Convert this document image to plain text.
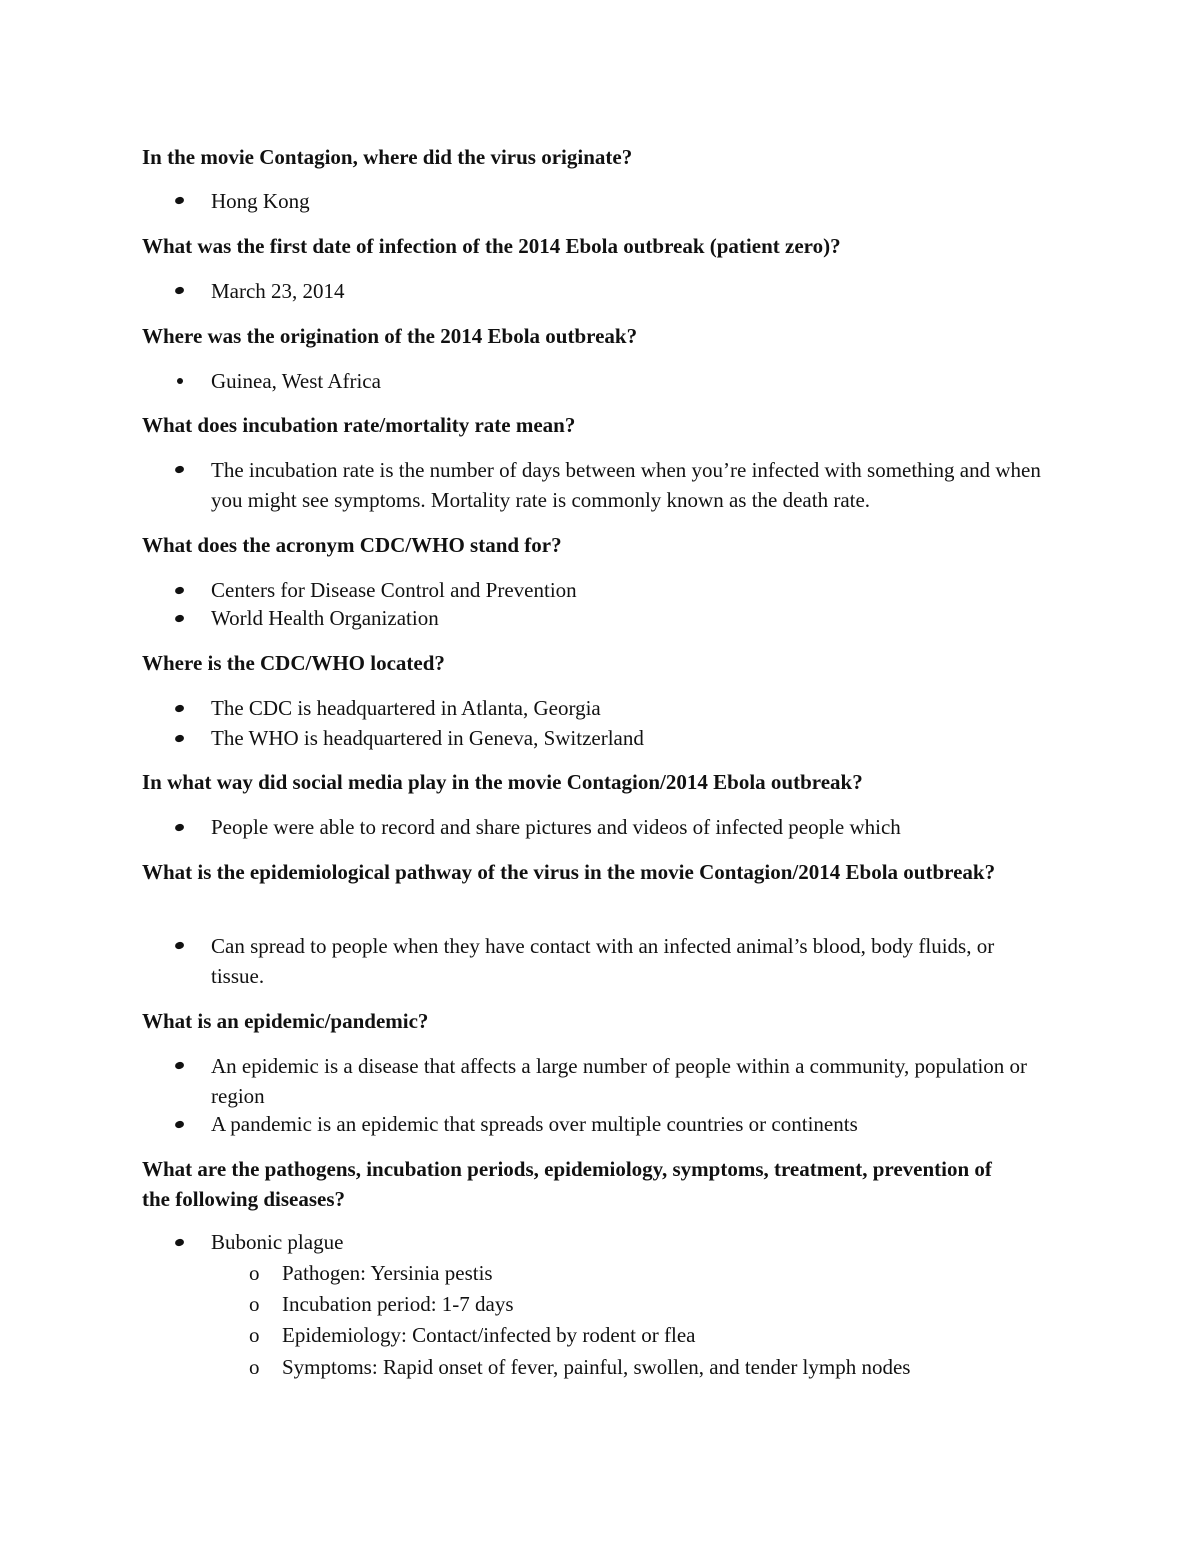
In the movie Contagion, where did the virus originate?

Hong Kong

What was the first date of infection of the 2014 Ebola outbreak (patient zero)?

March 23, 2014

Where was the origination of the 2014 Ebola outbreak?

Guinea, West Africa

What does incubation rate/mortality rate mean?

The incubation rate is the number of days between when you’re infected with something and when you might see symptoms. Mortality rate is commonly known as the death rate.

What does the acronym CDC/WHO stand for?

Centers for Disease Control and Prevention

World Health Organization

Where is the CDC/WHO located?

The CDC is headquartered in Atlanta, Georgia

The WHO is headquartered in Geneva, Switzerland

In what way did social media play in the movie Contagion/2014 Ebola outbreak?

People were able to record and share pictures and videos of infected people which

What is the epidemiological pathway of the virus in the movie Contagion/2014 Ebola outbreak?

Can spread to people when they have contact with an infected animal’s blood, body fluids, or tissue.

What is an epidemic/pandemic?

An epidemic is a disease that affects a large number of people within a community, population or region

A pandemic is an epidemic that spreads over multiple countries or continents

What are the pathogens, incubation periods, epidemiology, symptoms, treatment, prevention of the following diseases?

Bubonic plague

o Pathogen: Yersinia pestis

o Incubation period: 1-7 days

o Epidemiology: Contact/infected by rodent or flea

o Symptoms: Rapid onset of fever, painful, swollen, and tender lymph nodes
